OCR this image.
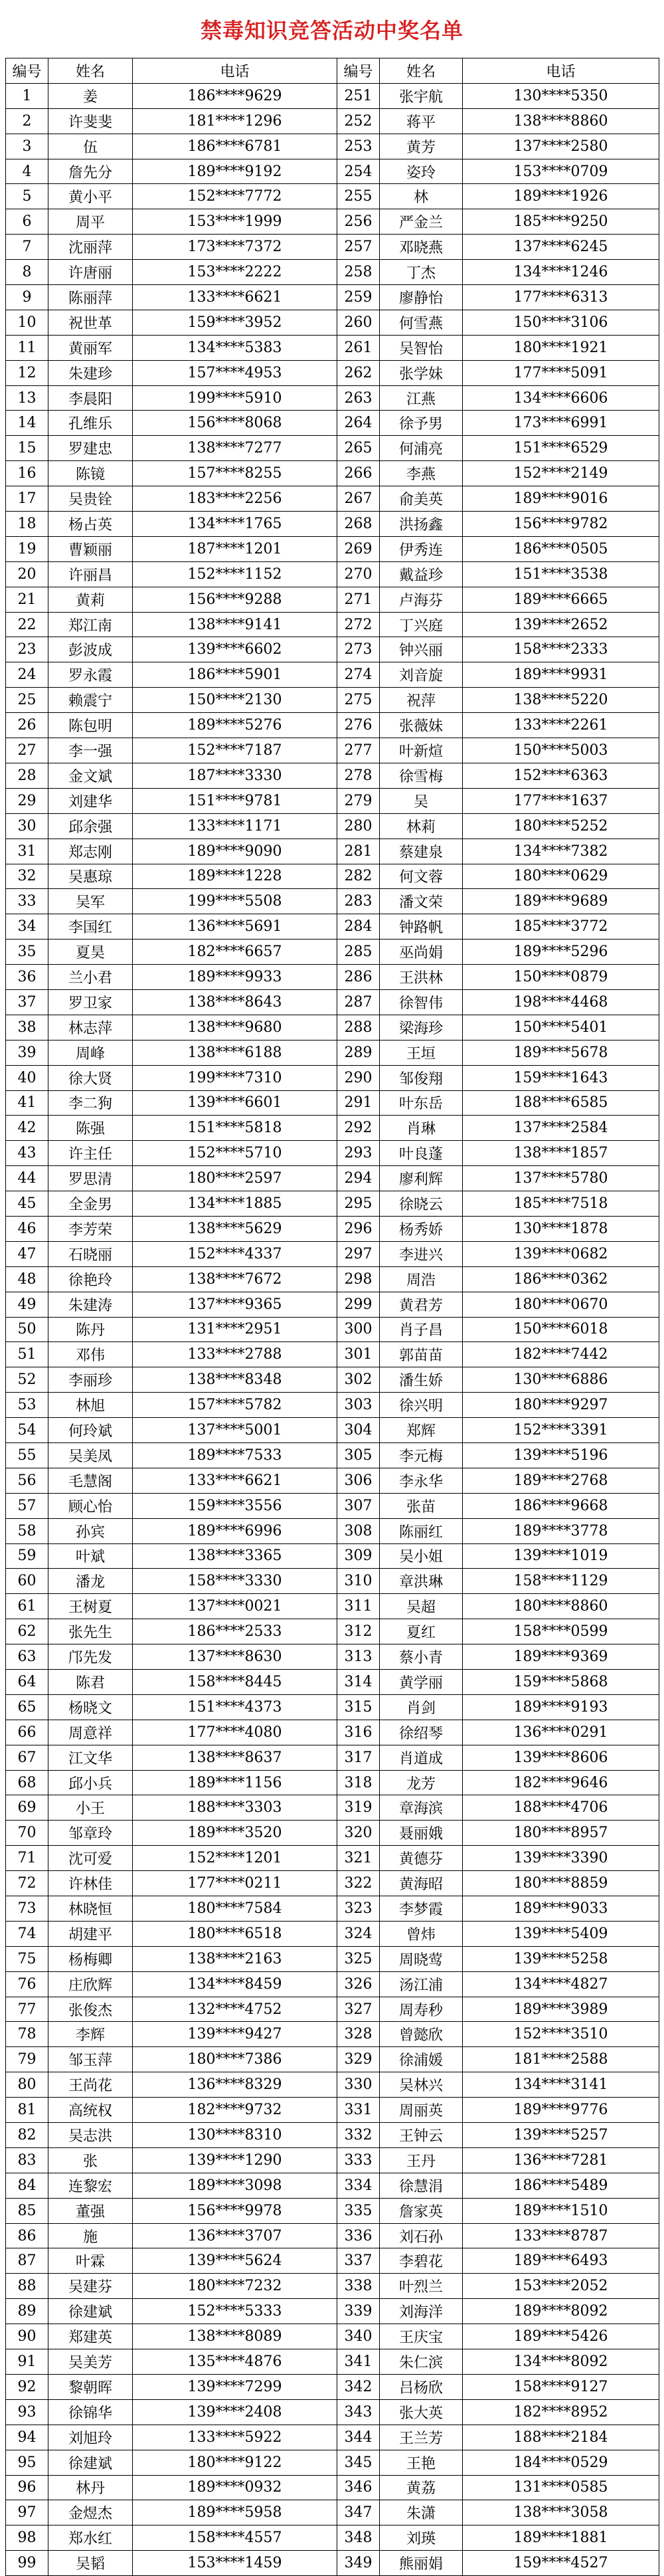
禁毒知识竞答活动中奖名单
编号	姓名	电话	编号	姓名	电话
1	姜	186****9629	251	张宇航	130****5350
2	许斐斐	181****1296	252	蒋平	138****8860
3	伍	186****6781	253	黄芳	137****2580
4	詹先分	189****9192	254	姿玲	153****0709
5	黄小平	152****7772	255	林	189****1926
6	周平	153****1999	256	严金兰	185****9250
7	沈丽萍	173****7372	257	邓晓燕	137****6245
8	许唐丽	153****2222	258	丁杰	134****1246
9	陈丽萍	133****6621	259	廖静怡	177****6313
10	祝世革	159****3952	260	何雪燕	150****3106
11	黄丽军	134****5383	261	吴智怡	180****1921
12	朱建珍	157****4953	262	张学妹	177****5091
13	李晨阳	199****5910	263	江燕	134****6606
14	孔维乐	156****8068	264	徐予男	173****6991
15	罗建忠	138****7277	265	何浦亮	151****6529
16	陈镜	157****8255	266	李燕	152****2149
17	吴贵铨	183****2256	267	俞美英	189****9016
18	杨占英	134****1765	268	洪扬鑫	156****9782
19	曹颖丽	187****1201	269	伊秀连	186****0505
20	许丽昌	152****1152	270	戴益珍	151****3538
21	黄莉	156****9288	271	卢海芬	189****6665
22	郑江南	138****9141	272	丁兴庭	139****2652
23	彭波成	139****6602	273	钟兴丽	158****2333
24	罗永霞	186****5901	274	刘音旋	189****9931
25	赖震宁	150****2130	275	祝萍	138****5220
26	陈包明	189****5276	276	张薇妹	133****2261
27	李一强	152****7187	277	叶新煊	150****5003
28	金文斌	187****3330	278	徐雪梅	152****6363
29	刘建华	151****9781	279	吴	177****1637
30	邱余强	133****1171	280	林莉	180****5252
31	郑志刚	189****9090	281	蔡建泉	134****7382
32	吴惠琼	189****1228	282	何文蓉	180****0629
33	吴军	199****5508	283	潘文荣	189****9689
34	李国红	136****5691	284	钟路帆	185****3772
35	夏昊	182****6657	285	巫尚娟	189****5296
36	兰小君	189****9933	286	王洪林	150****0879
37	罗卫家	138****8643	287	徐智伟	198****4468
38	林志萍	138****9680	288	梁海珍	150****5401
39	周峰	138****6188	289	王垣	189****5678
40	徐大贤	199****7310	290	邹俊翔	159****1643
41	李二狗	139****6601	291	叶东岳	188****6585
42	陈强	151****5818	292	肖琳	137****2584
43	许主任	152****5710	293	叶良蓬	138****1857
44	罗思清	180****2597	294	廖利辉	137****5780
45	全金男	134****1885	295	徐晓云	185****7518
46	李芳荣	138****5629	296	杨秀娇	130****1878
47	石晓丽	152****4337	297	李进兴	139****0682
48	徐艳玲	138****7672	298	周浩	186****0362
49	朱建涛	137****9365	299	黄君芳	180****0670
50	陈丹	131****2951	300	肖子昌	150****6018
51	邓伟	133****2788	301	郭苗苗	182****7442
52	李丽珍	138****8348	302	潘生娇	130****6886
53	林旭	157****5782	303	徐兴明	180****9297
54	何玲斌	137****5001	304	郑辉	152****3391
55	吴美凤	189****7533	305	李元梅	139****5196
56	毛慧阁	133****6621	306	李永华	189****2768
57	顾心怡	159****3556	307	张苗	186****9668
58	孙宾	189****6996	308	陈丽红	189****3778
59	叶斌	138****3365	309	吴小姐	139****1019
60	潘龙	158****3330	310	章洪琳	158****1129
61	王树夏	137****0021	311	吴超	180****8860
62	张先生	186****2533	312	夏红	158****0599
63	邝先发	137****8630	313	蔡小青	189****9369
64	陈君	158****8445	314	黄学丽	159****5868
65	杨晓文	151****4373	315	肖剑	189****9193
66	周意祥	177****4080	316	徐绍琴	136****0291
67	江文华	138****8637	317	肖道成	139****8606
68	邱小兵	189****1156	318	龙芳	182****9646
69	小王	188****3303	319	章海滨	188****4706
70	邹章玲	189****3520	320	聂丽娥	180****8957
71	沈可爱	152****1201	321	黄德芬	139****3390
72	许林佳	177****0211	322	黄海昭	180****8859
73	林晓恒	180****7584	323	李梦霞	189****9033
74	胡建平	180****6518	324	曾炜	139****5409
75	杨梅卿	138****2163	325	周晓莺	139****5258
76	庄欣辉	134****8459	326	汤江浦	134****4827
77	张俊杰	132****4752	327	周寿秒	189****3989
78	李辉	139****9427	328	曾懿欣	152****3510
79	邹玉萍	180****7386	329	徐浦媛	181****2588
80	王尚花	136****8329	330	吴林兴	134****3141
81	高统权	182****9732	331	周丽英	189****9776
82	吴志洪	130****8310	332	王钟云	139****5257
83	张	139****1290	333	王丹	136****7281
84	连黎宏	189****3098	334	徐慧涓	186****5489
85	董强	156****9978	335	詹家英	189****1510
86	施	136****3707	336	刘石孙	133****8787
87	叶霖	139****5624	337	李碧花	189****6493
88	吴建芬	180****7232	338	叶烈兰	153****2052
89	徐建斌	152****5333	339	刘海洋	189****8092
90	郑建英	138****8089	340	王庆宝	189****5426
91	吴美芳	135****4876	341	朱仁滨	134****8092
92	黎朝晖	139****7299	342	吕杨欣	158****9127
93	徐锦华	139****2408	343	张大英	182****8952
94	刘旭玲	133****5922	344	王兰芳	188****2184
95	徐建斌	180****9122	345	王艳	184****0529
96	林丹	189****0932	346	黄荔	131****0585
97	金煜杰	189****5958	347	朱潇	138****3058
98	郑水红	158****4557	348	刘瑛	189****1881
99	吴韬	153****1459	349	熊丽娟	159****4527
